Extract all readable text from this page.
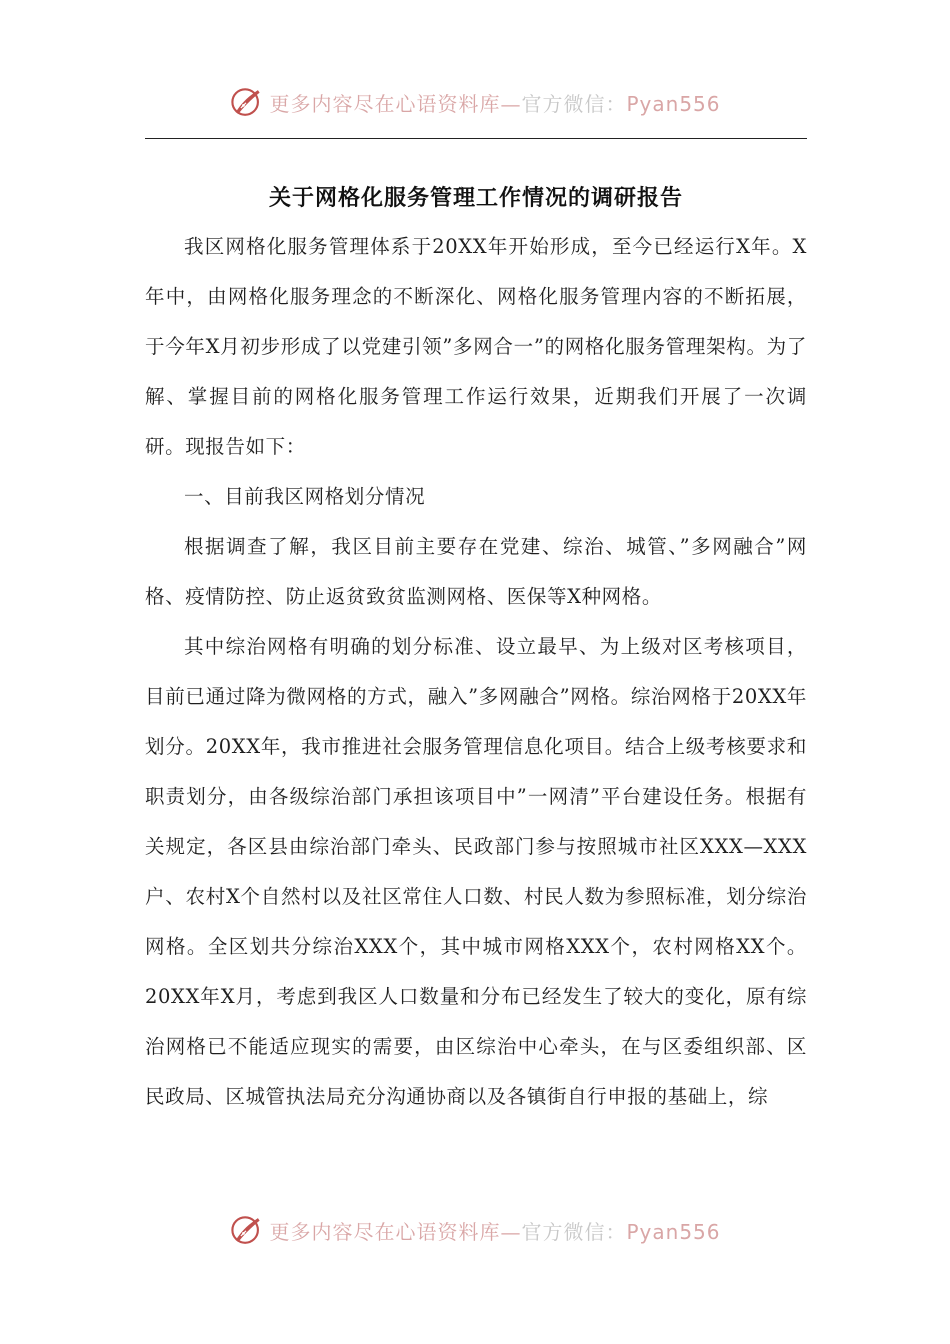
更多内容尽在心语资料库—官方微信：Pyan556
关于网格化服务管理工作情况的调研报告

我区网格化服务管理体系于20XX年开始形成，至今已经运行X年。X年中，由网格化服务理念的不断深化、网格化服务管理内容的不断拓展，于今年X月初步形成了以党建引领”多网合一”的网格化服务管理架构。为了解、掌握目前的网格化服务管理工作运行效果，近期我们开展了一次调研。现报告如下：

一、目前我区网格划分情况

根据调查了解，我区目前主要存在党建、综治、城管、”多网融合”网格、疫情防控、防止返贫致贫监测网格、医保等X种网格。

其中综治网格有明确的划分标准、设立最早、为上级对区考核项目，目前已通过降为微网格的方式，融入”多网融合”网格。综治网格于20XX年划分。20XX年，我市推进社会服务管理信息化项目。结合上级考核要求和职责划分，由各级综治部门承担该项目中”一网清”平台建设任务。根据有关规定，各区县由综治部门牵头、民政部门参与按照城市社区XXX—XXX户、农村X个自然村以及社区常住人口数、村民人数为参照标准，划分综治网格。全区划共分综治XXX个，其中城市网格XXX个，农村网格XX个。20XX年X月，考虑到我区人口数量和分布已经发生了较大的变化，原有综治网格已不能适应现实的需要，由区综治中心牵头，在与区委组织部、区民政局、区城管执法局充分沟通协商以及各镇街自行申报的基础上，综

更多内容尽在心语资料库—官方微信：Pyan556
